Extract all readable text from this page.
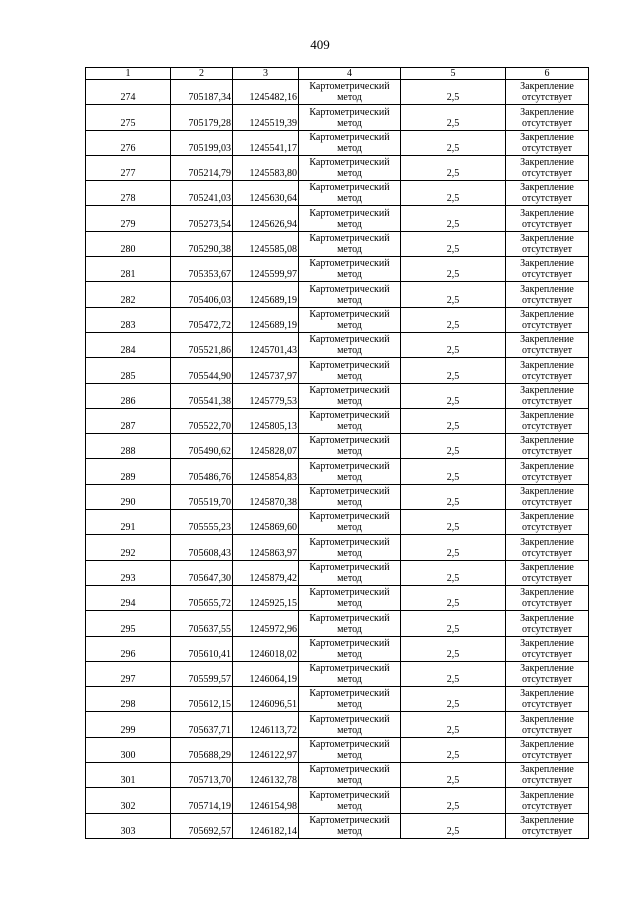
409
1	2	3	4	5	6
274	705187,34	1245482,16	Картометрический метод	2,5	Закрепление отсутствует
275	705179,28	1245519,39	Картометрический метод	2,5	Закрепление отсутствует
276	705199,03	1245541,17	Картометрический метод	2,5	Закрепление отсутствует
277	705214,79	1245583,80	Картометрический метод	2,5	Закрепление отсутствует
278	705241,03	1245630,64	Картометрический метод	2,5	Закрепление отсутствует
279	705273,54	1245626,94	Картометрический метод	2,5	Закрепление отсутствует
280	705290,38	1245585,08	Картометрический метод	2,5	Закрепление отсутствует
281	705353,67	1245599,97	Картометрический метод	2,5	Закрепление отсутствует
282	705406,03	1245689,19	Картометрический метод	2,5	Закрепление отсутствует
283	705472,72	1245689,19	Картометрический метод	2,5	Закрепление отсутствует
284	705521,86	1245701,43	Картометрический метод	2,5	Закрепление отсутствует
285	705544,90	1245737,97	Картометрический метод	2,5	Закрепление отсутствует
286	705541,38	1245779,53	Картометрический метод	2,5	Закрепление отсутствует
287	705522,70	1245805,13	Картометрический метод	2,5	Закрепление отсутствует
288	705490,62	1245828,07	Картометрический метод	2,5	Закрепление отсутствует
289	705486,76	1245854,83	Картометрический метод	2,5	Закрепление отсутствует
290	705519,70	1245870,38	Картометрический метод	2,5	Закрепление отсутствует
291	705555,23	1245869,60	Картометрический метод	2,5	Закрепление отсутствует
292	705608,43	1245863,97	Картометрический метод	2,5	Закрепление отсутствует
293	705647,30	1245879,42	Картометрический метод	2,5	Закрепление отсутствует
294	705655,72	1245925,15	Картометрический метод	2,5	Закрепление отсутствует
295	705637,55	1245972,96	Картометрический метод	2,5	Закрепление отсутствует
296	705610,41	1246018,02	Картометрический метод	2,5	Закрепление отсутствует
297	705599,57	1246064,19	Картометрический метод	2,5	Закрепление отсутствует
298	705612,15	1246096,51	Картометрический метод	2,5	Закрепление отсутствует
299	705637,71	1246113,72	Картометрический метод	2,5	Закрепление отсутствует
300	705688,29	1246122,97	Картометрический метод	2,5	Закрепление отсутствует
301	705713,70	1246132,78	Картометрический метод	2,5	Закрепление отсутствует
302	705714,19	1246154,98	Картометрический метод	2,5	Закрепление отсутствует
303	705692,57	1246182,14	Картометрический метод	2,5	Закрепление отсутствует
